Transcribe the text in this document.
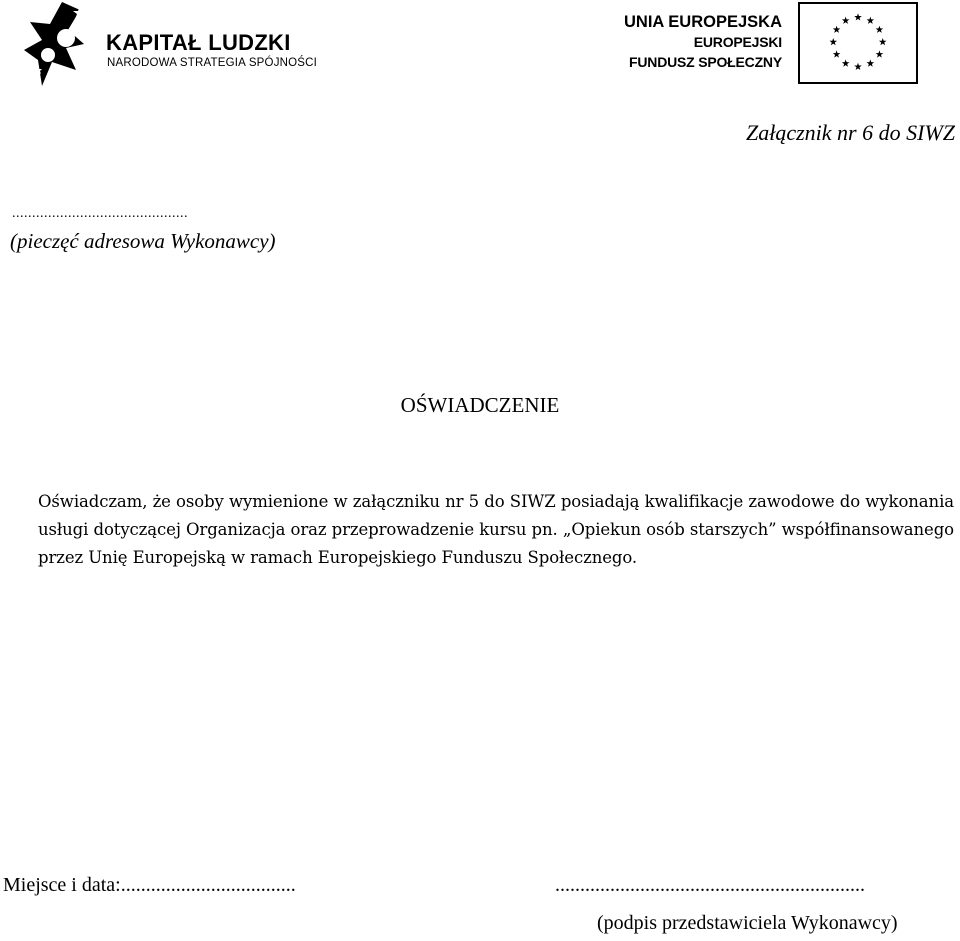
KAPITAŁ LUDZKI
NARODOWA STRATEGIA SPÓJNOŚCI
UNIA EUROPEJSKA
EUROPEJSKI
FUNDUSZ SPOŁECZNY
Załącznik nr 6 do SIWZ
............................................
(pieczęć adresowa Wykonawcy)
OŚWIADCZENIE
Oświadczam, że osoby wymienione w załączniku nr 5 do SIWZ posiadają kwalifikacje zawodowe do wykonania usługi dotyczącej Organizacja oraz przeprowadzenie kursu pn. „Opiekun osób starszych” współfinansowanego przez Unię Europejską w ramach Europejskiego Funduszu Społecznego.
Miejsce i data:...................................	..............................................................
(podpis przedstawiciela Wykonawcy)
